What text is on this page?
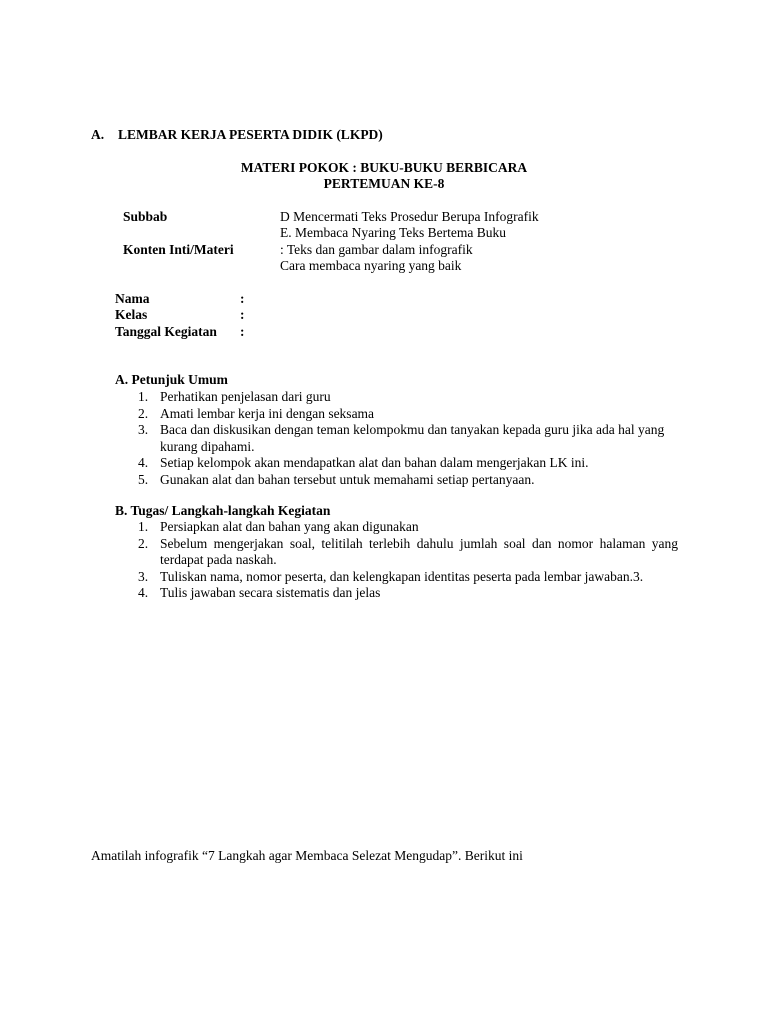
A. LEMBAR KERJA PESERTA DIDIK (LKPD)
MATERI POKOK : BUKU-BUKU BERBICARA
PERTEMUAN KE-8
Subbab	D Mencermati Teks Prosedur Berupa Infografik
E. Membaca Nyaring Teks Bertema Buku
Konten Inti/Materi	: Teks dan gambar dalam infografik
Cara membaca nyaring yang baik
Nama	:
Kelas	:
Tanggal Kegiatan :
A. Petunjuk Umum
1. Perhatikan penjelasan dari guru
2. Amati lembar kerja ini dengan seksama
3. Baca dan diskusikan dengan teman kelompokmu dan tanyakan kepada guru jika ada hal yang kurang dipahami.
4. Setiap kelompok akan mendapatkan alat dan bahan dalam mengerjakan LK ini.
5. Gunakan alat dan bahan tersebut untuk memahami setiap pertanyaan.
B. Tugas/ Langkah-langkah Kegiatan
1. Persiapkan alat dan bahan yang akan digunakan
2. Sebelum mengerjakan soal, telitilah terlebih dahulu jumlah soal dan nomor halaman yang terdapat pada naskah.
3. Tuliskan nama, nomor peserta, dan kelengkapan identitas peserta pada lembar jawaban.3.
4. Tulis jawaban secara sistematis dan jelas
Amatilah infografik “7 Langkah agar Membaca Selezat Mengudap”. Berikut ini
